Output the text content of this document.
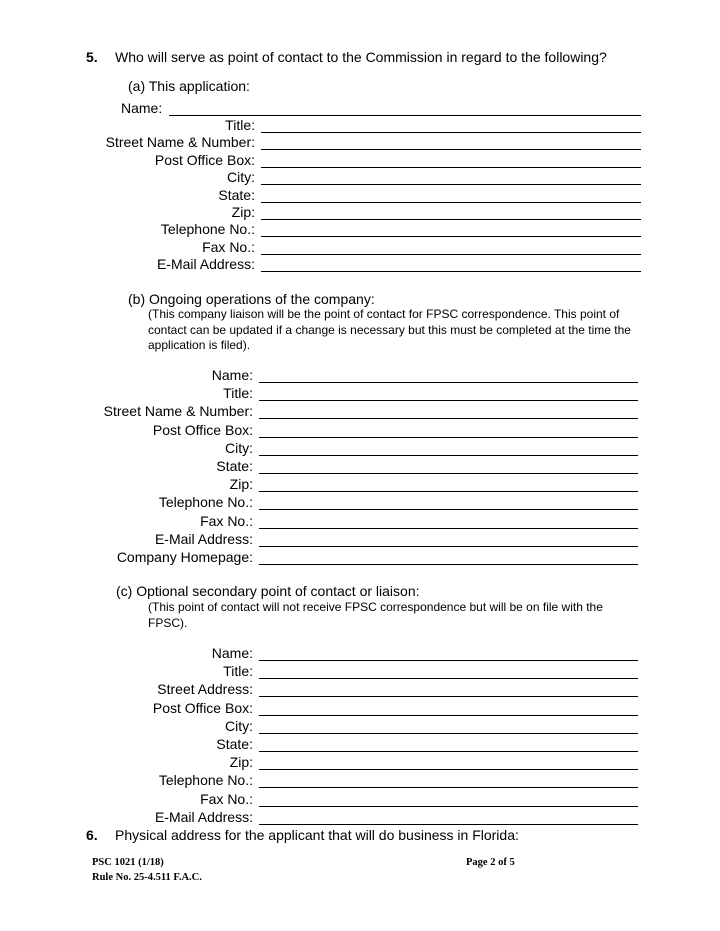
5. Who will serve as point of contact to the Commission in regard to the following?
(a) This application:
Name:
Title:
Street Name & Number:
Post Office Box:
City:
State:
Zip:
Telephone No.:
Fax No.:
E-Mail Address:
(b) Ongoing operations of the company:
(This company liaison will be the point of contact for FPSC correspondence. This point of contact can be updated if a change is necessary but this must be completed at the time the application is filed).
Name:
Title:
Street Name & Number:
Post Office Box:
City:
State:
Zip:
Telephone No.:
Fax No.:
E-Mail Address:
Company Homepage:
(c) Optional secondary point of contact or liaison:
(This point of contact will not receive FPSC correspondence but will be on file with the FPSC).
Name:
Title:
Street Address:
Post Office Box:
City:
State:
Zip:
Telephone No.:
Fax No.:
E-Mail Address:
6. Physical address for the applicant that will do business in Florida:
PSC 1021 (1/18)
Rule No. 25-4.511 F.A.C.
Page 2 of 5
